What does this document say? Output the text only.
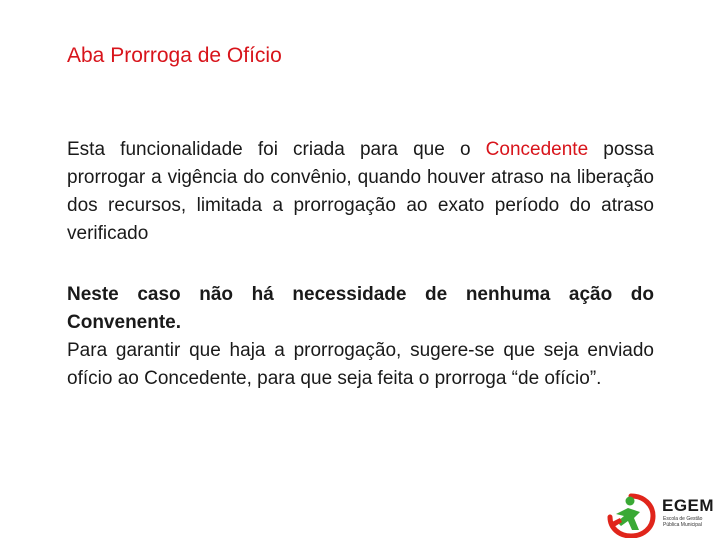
Aba Prorroga de Ofício
Esta funcionalidade foi criada para que o Concedente possa prorrogar a vigência do convênio, quando houver atraso na liberação dos recursos, limitada a prorrogação ao exato período do atraso verificado
Neste caso não há necessidade de nenhuma ação do Convenente.
Para garantir que haja a prorrogação, sugere-se que seja enviado ofício ao Concedente, para que seja feita o prorroga “de ofício”.
EGEM
Escola de Gestão Pública Municipal
